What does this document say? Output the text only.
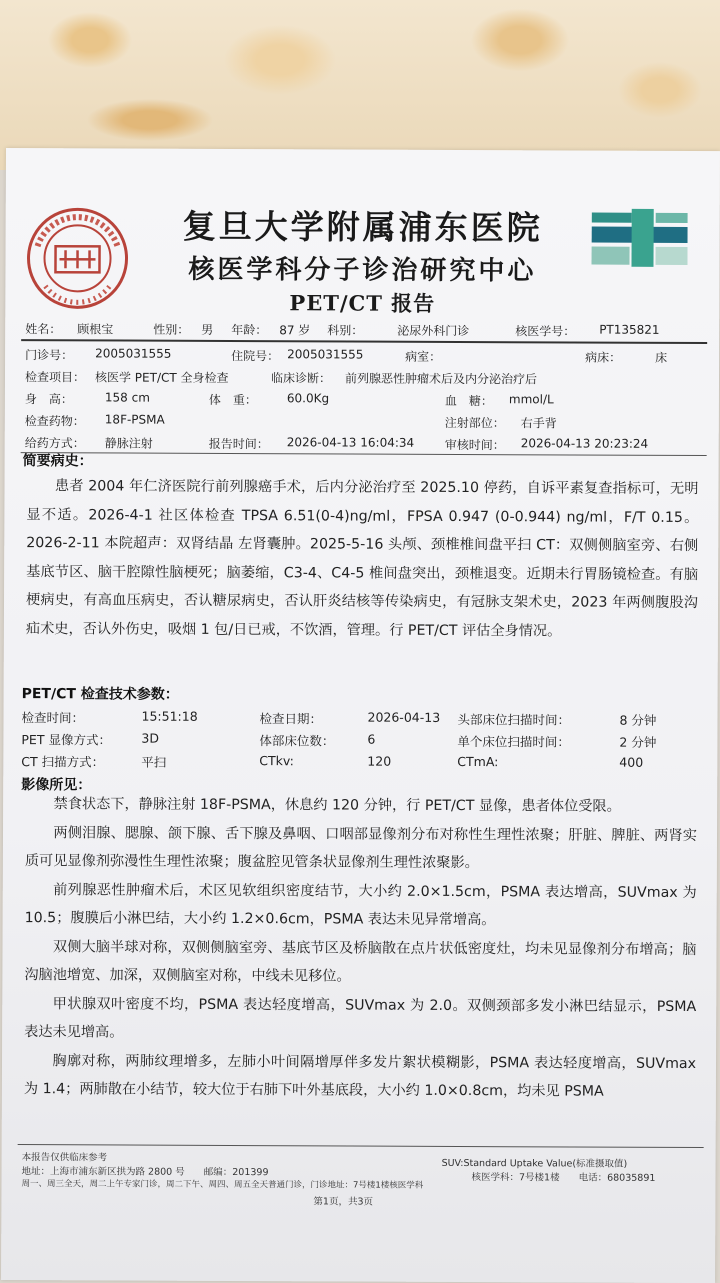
复旦大学附属浦东医院
核医学科分子诊治研究中心
PET/CT 报告
姓名： 顾根宝	性别： 男 年龄： 87 岁 科别：	泌尿外科门诊	核医学号： PT135821
门诊号： 2005031555	住院号： 2005031555	病室：	病床：	床
检查项目： 核医学 PET/CT 全身检查	临床诊断： 前列腺恶性肿瘤术后及内分泌治疗后
身　高：	158 cm	体　重： 60.0Kg	血　糖： mmol/L
检查药物： 18F-PSMA	注射部位： 右手背
给药方式： 静脉注射	报告时间： 2026-04-13 16:04:34	审核时间： 2026-04-13 20:23:24
简要病史：

患者 2004 年仁济医院行前列腺癌手术，后内分泌治疗至 2025.10 停药，自诉平素复查指标可，无明显不适。2026-4-1 社区体检查 TPSA 6.51(0-4)ng/ml，FPSA 0.947 (0-0.944) ng/ml，F/T 0.15。2026-2-11 本院超声：双肾结晶 左肾囊肿。2025-5-16 头颅、颈椎椎间盘平扫 CT：双侧侧脑室旁、右侧基底节区、脑干腔隙性脑梗死；脑萎缩，C3-4、C4-5 椎间盘突出，颈椎退变。近期未行胃肠镜检查。有脑梗病史，有高血压病史，否认糖尿病史，否认肝炎结核等传染病史，有冠脉支架术史，2023 年两侧腹股沟疝术史，否认外伤史，吸烟 1 包/日已戒，不饮酒，管理。行 PET/CT 评估全身情况。

PET/CT 检查技术参数：
检查时间：	15:51:18	检查日期：	2026-04-13 头部床位扫描时间：	8 分钟
PET 显像方式： 3D	体部床位数：	6	单个床位扫描时间：	2 分钟
CT 扫描方式：	平扫	CTkv:	120	CTmA:	400
影像所见：

禁食状态下，静脉注射 18F-PSMA，休息约 120 分钟，行 PET/CT 显像，患者体位受限。

两侧泪腺、腮腺、颌下腺、舌下腺及鼻咽、口咽部显像剂分布对称性生理性浓聚；肝脏、脾脏、两肾实质可见显像剂弥漫性生理性浓聚；腹盆腔见管条状显像剂生理性浓聚影。

前列腺恶性肿瘤术后，术区见软组织密度结节，大小约 2.0×1.5cm，PSMA 表达增高，SUVmax 为 10.5；腹膜后小淋巴结，大小约 1.2×0.6cm，PSMA 表达未见异常增高。

双侧大脑半球对称，双侧侧脑室旁、基底节区及桥脑散在点片状低密度灶，均未见显像剂分布增高；脑沟脑池增宽、加深，双侧脑室对称，中线未见移位。

甲状腺双叶密度不均，PSMA 表达轻度增高，SUVmax 为 2.0。双侧颈部多发小淋巴结显示，PSMA 表达未见增高。

胸廓对称，两肺纹理增多，左肺小叶间隔增厚伴多发片絮状模糊影，PSMA 表达轻度增高，SUVmax 为 1.4；两肺散在小结节，较大位于右肺下叶外基底段，大小约 1.0×0.8cm，均未见 PSMA

本报告仅供临床参考
地址：上海市浦东新区拱为路 2800 号　　邮编：201399
周一、周三全天，周二上午专家门诊，周二下午、周四、周五全天普通门诊，门诊地址：7号楼1楼核医学科
SUV:Standard Uptake Value(标准摄取值)
核医学科：7号楼1楼　　电话：68035891
第1页，共3页
